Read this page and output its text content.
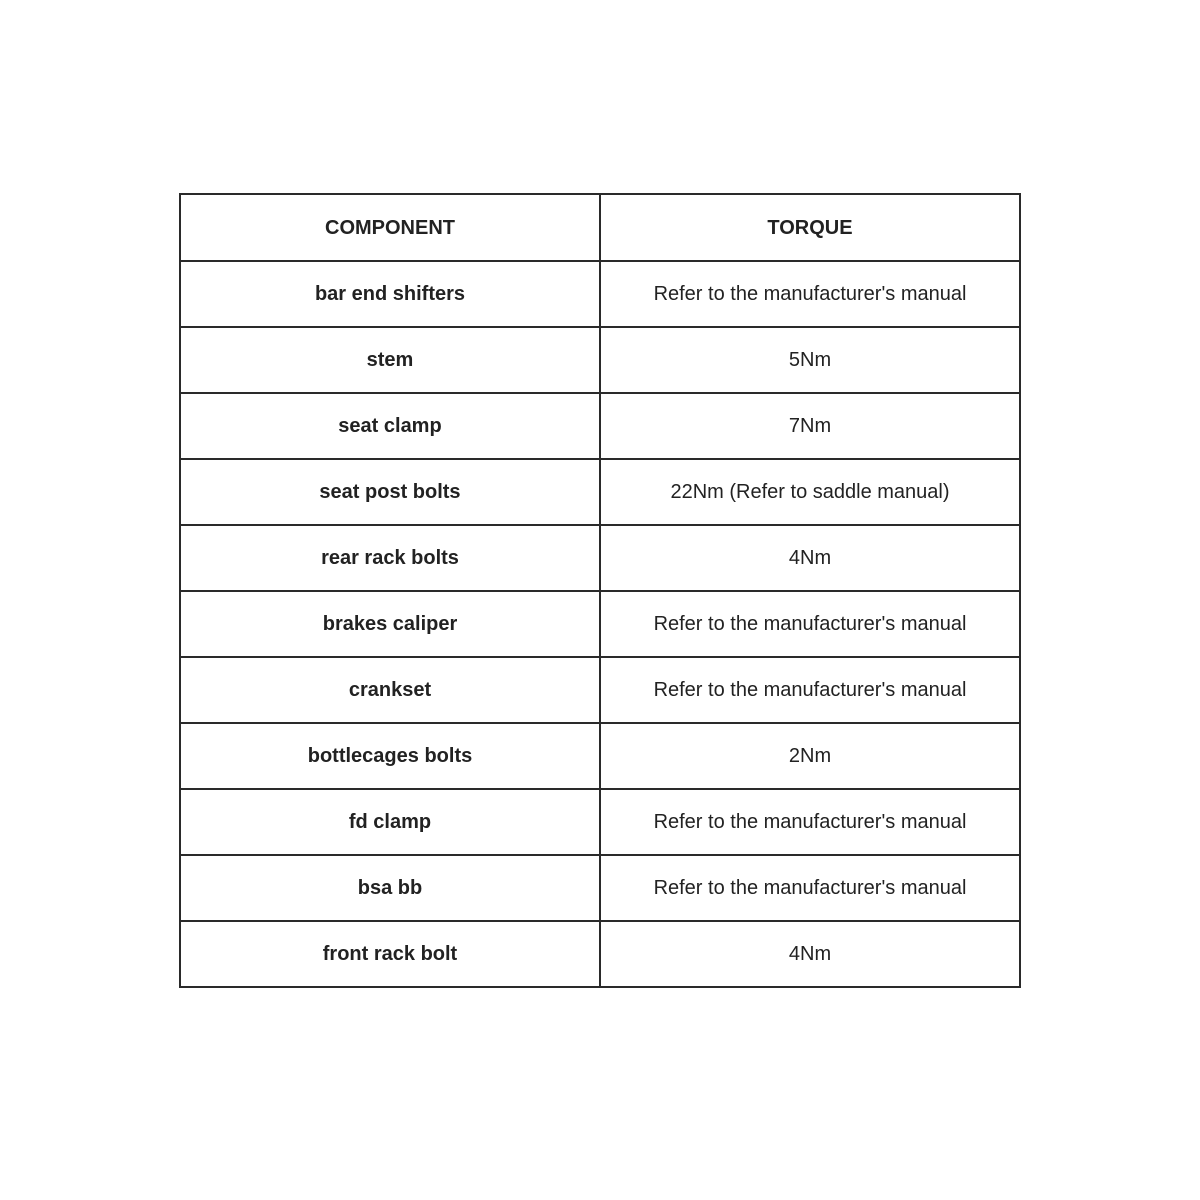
COMPONENT	TORQUE
bar end shifters	Refer to the manufacturer's manual
stem	5Nm
seat clamp	7Nm
seat post bolts	22Nm (Refer to saddle manual)
rear rack bolts	4Nm
brakes caliper	Refer to the manufacturer's manual
crankset	Refer to the manufacturer's manual
bottlecages bolts	2Nm
fd clamp	Refer to the manufacturer's manual
bsa bb	Refer to the manufacturer's manual
front rack bolt	4Nm
